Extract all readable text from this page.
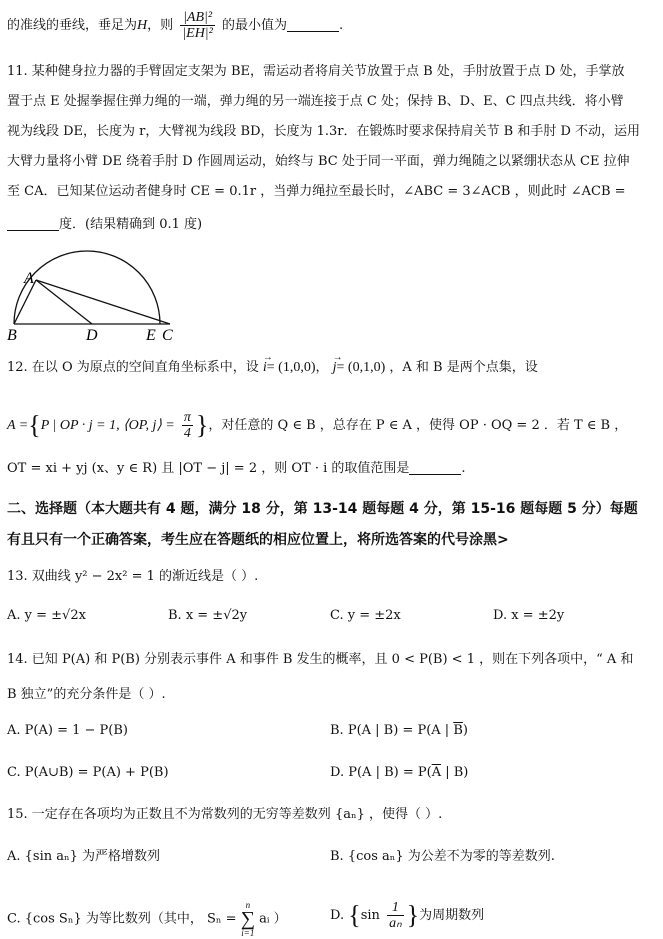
的准线的垂线，垂足为H，则 $\frac{\text{|AB|²}}{\text{|EH|²}}$ 的最小值为	.
11. 某种健身拉力器的手臂固定支架为 BE，需运动者将肩关节放置于点 B 处，手肘放置于点 D 处，手掌放
置于点 E 处握拳握住弹力绳的一端，弹力绳的另一端连接于点 C 处；保持 B、D、E、C 四点共线．将小臂
视为线段 DE，长度为 r，大臂视为线段 BD，长度为 1.3r．在锻炼时要求保持肩关节 B 和手肘 D 不动，运用
大臂力量将小臂 DE 绕着手肘 D 作圆周运动，始终与 BC 处于同一平面，弹力绳随之以紧绷状态从 CE 拉伸
至 CA．已知某位运动者健身时 CE = 0.1r ，当弹力绳拉至最长时，∠ABC = 3∠ACB ，则此时 ∠ACB =
度．(结果精确到 0.1 度)
A
B	D	E C
12. 在以 O 为原点的空间直角坐标系中，设 → i= (1,0,0)， → j= (0,1,0) ，A 和 B 是两个点集，设
A ={P | OP · j = 1, ⟨OP, j⟩ = $\frac{\pi}{4}$ }，对任意的 Q ∈ B ，总存在 P ∈ A ，使得 OP · OQ = 2 ．若 T ∈ B ，
OT = xi + yj (x、y ∈ R) 且 |OT − j| = 2 ，则 OT · i 的取值范围是	.
二、选择题（本大题共有 4 题，满分 18 分，第 13-14 题每题 4 分，第 15-16 题每题 5 分）每题
有且只有一个正确答案，考生应在答题纸的相应位置上，将所选答案的代号涂黑>
13. 双曲线 y² − 2x² = 1 的渐近线是（ ）.
A. y = ±√2x	B. x = ±√2y	C. y = ±2x	D. x = ±2y
14. 已知 P(A) 和 P(B) 分别表示事件 A 和事件 B 发生的概率，且 0 < P(B) < 1 ，则在下列各项中，“ A 和
B 独立”的充分条件是（ ）.
A. P(A) = 1 − P(B)	B. P(A | B) = P(A | $\overline{B}$)
C. P(A∪B) = P(A) + P(B)	D. P(A | $B) = P(\overline{A}$ | B)
15. 一定存在各项均为正数且不为常数列的无穷等差数列 {aₙ} ，使得（ ）.
A. {sin aₙ} 为严格增数列	B. {cos aₙ} 为公差不为零的等差数列.
C. {cos Sₙ} 为等比数列（其中， Sₙ =
n
∑
i=1
aᵢ ）	D. {$\sin \frac{1}{\text{aₙ}}$ }为周期数列
